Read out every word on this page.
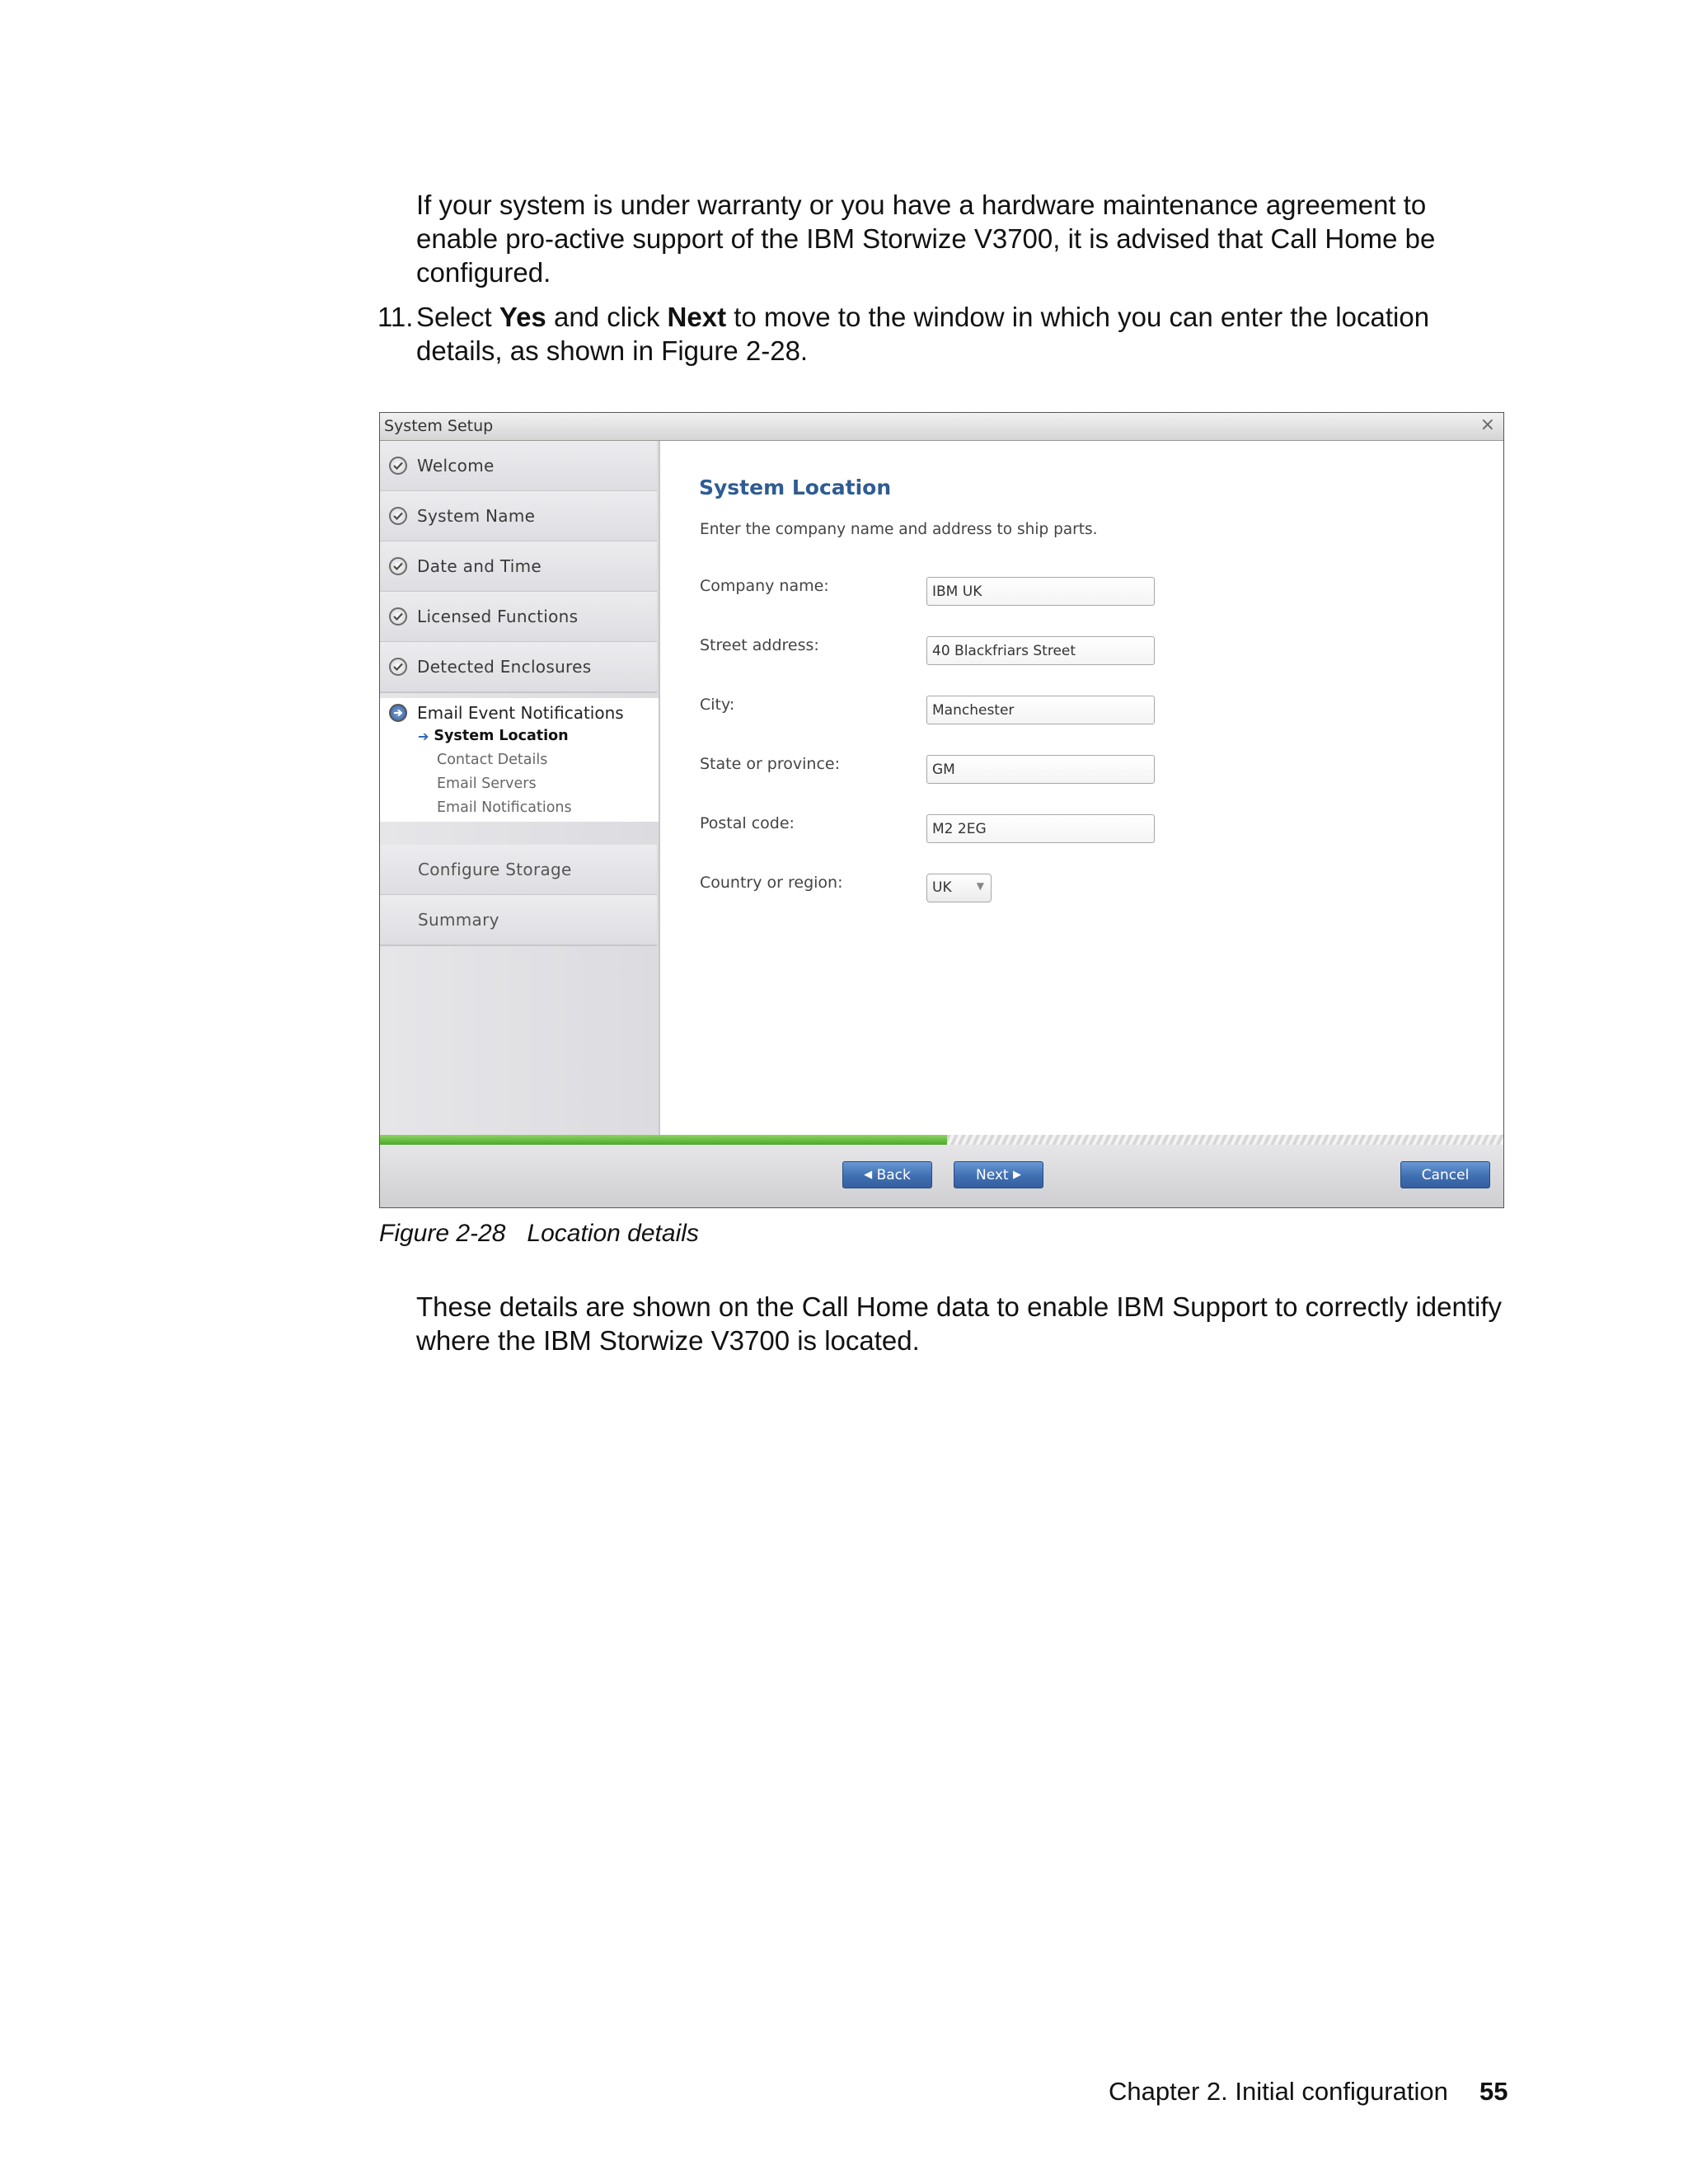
If your system is under warranty or you have a hardware maintenance agreement to enable pro-active support of the IBM Storwize V3700, it is advised that Call Home be configured.

11. Select Yes and click Next to move to the window in which you can enter the location details, as shown in Figure 2-28.

System Setup	×
Welcome
System Name
Date and Time
Licensed Functions
Detected Enclosures
Email Event Notifications
➔ System Location
Contact Details
Email Servers
Email Notifications
Configure Storage
Summary
System Location
Enter the company name and address to ship parts.
Company name:
IBM UK
Street address:
40 Blackfriars Street
City:
Manchester
State or province:
GM
Postal code:
M2 2EG
Country or region:	UK	▼
◀
Back	Next
▶	Cancel
Figure 2-28 Location details

These details are shown on the Call Home data to enable IBM Support to correctly identify where the IBM Storwize V3700 is located.

Chapter 2. Initial configuration 55
